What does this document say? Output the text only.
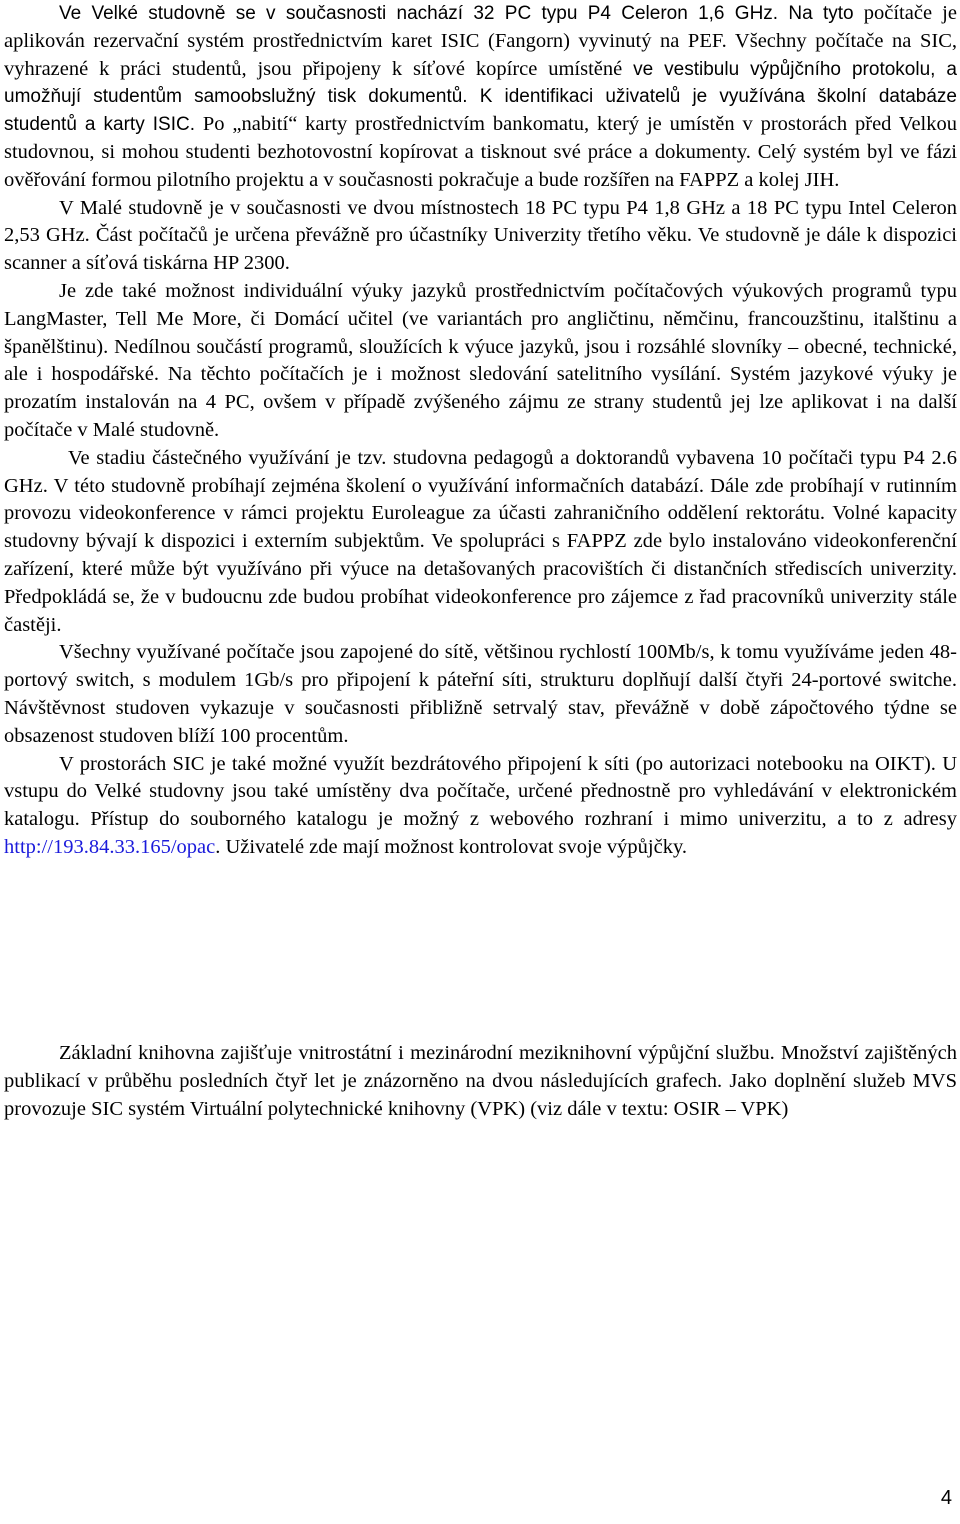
Ve Velké studovně se v současnosti nachází 32 PC typu P4 Celeron 1,6 GHz. Na tyto počítače je aplikován rezervační systém prostřednictvím karet ISIC (Fangorn) vyvinutý na PEF. Všechny počítače na SIC, vyhrazené k práci studentů, jsou připojeny k síťové kopírce umístěné ve vestibulu výpůjčního protokolu, a umožňují studentům samoobslužný tisk dokumentů. K identifikaci uživatelů je využívána školní databáze studentů a karty ISIC. Po „nabití“ karty prostřednictvím bankomatu, který je umístěn v prostorách před Velkou studovnou, si mohou studenti bezhotovostní kopírovat a tisknout své práce a dokumenty. Celý systém byl ve fázi ověřování formou pilotního projektu a v současnosti pokračuje a bude rozšířen na FAPPZ a kolej JIH.

V Malé studovně je v současnosti ve dvou místnostech 18 PC typu P4 1,8 GHz a 18 PC typu Intel Celeron 2,53 GHz. Část počítačů je určena převážně pro účastníky Univerzity třetího věku. Ve studovně je dále k dispozici scanner a síťová tiskárna HP 2300.

Je zde také možnost individuální výuky jazyků prostřednictvím počítačových výukových programů typu LangMaster, Tell Me More, či Domácí učitel (ve variantách pro angličtinu, němčinu, francouzštinu, italštinu a španělštinu). Nedílnou součástí programů, sloužících k výuce jazyků, jsou i rozsáhlé slovníky – obecné, technické, ale i hospodářské. Na těchto počítačích je i možnost sledování satelitního vysílání. Systém jazykové výuky je prozatím instalován na 4 PC, ovšem v případě zvýšeného zájmu ze strany studentů jej lze aplikovat i na další počítače v Malé studovně.

Ve stadiu částečného využívání je tzv. studovna pedagogů a doktorandů vybavena 10 počítači typu P4 2.6 GHz. V této studovně probíhají zejména školení o využívání informačních databází. Dále zde probíhají v rutinním provozu videokonference v rámci projektu Euroleague za účasti zahraničního oddělení rektorátu. Volné kapacity studovny bývají k dispozici i externím subjektům. Ve spolupráci s FAPPZ zde bylo instalováno videokonferenční zařízení, které může být využíváno při výuce na detašovaných pracovištích či distančních střediscích univerzity. Předpokládá se, že v budoucnu zde budou probíhat videokonference pro zájemce z řad pracovníků univerzity stále častěji.

Všechny využívané počítače jsou zapojené do sítě, většinou rychlostí 100Mb/s, k tomu využíváme jeden 48-portový switch, s modulem 1Gb/s pro připojení k páteřní síti, strukturu doplňují další čtyři 24-portové switche. Návštěvnost studoven vykazuje v současnosti přibližně setrvalý stav, převážně v době zápočtového týdne se obsazenost studoven blíží 100 procentům.

V prostorách SIC je také možné využít bezdrátového připojení k síti (po autorizaci notebooku na OIKT). U vstupu do Velké studovny jsou také umístěny dva počítače, určené přednostně pro vyhledávání v elektronickém katalogu. Přístup do souborného katalogu je možný z webového rozhraní i mimo univerzitu, a to z adresy http://193.84.33.165/opac. Uživatelé zde mají možnost kontrolovat svoje výpůjčky.

Základní knihovna zajišťuje vnitrostátní i mezinárodní meziknihovní výpůjční službu. Množství zajištěných publikací v průběhu posledních čtyř let je znázorněno na dvou následujících grafech. Jako doplnění služeb MVS provozuje SIC systém Virtuální polytechnické knihovny (VPK) (viz dále v textu: OSIR – VPK)

4
